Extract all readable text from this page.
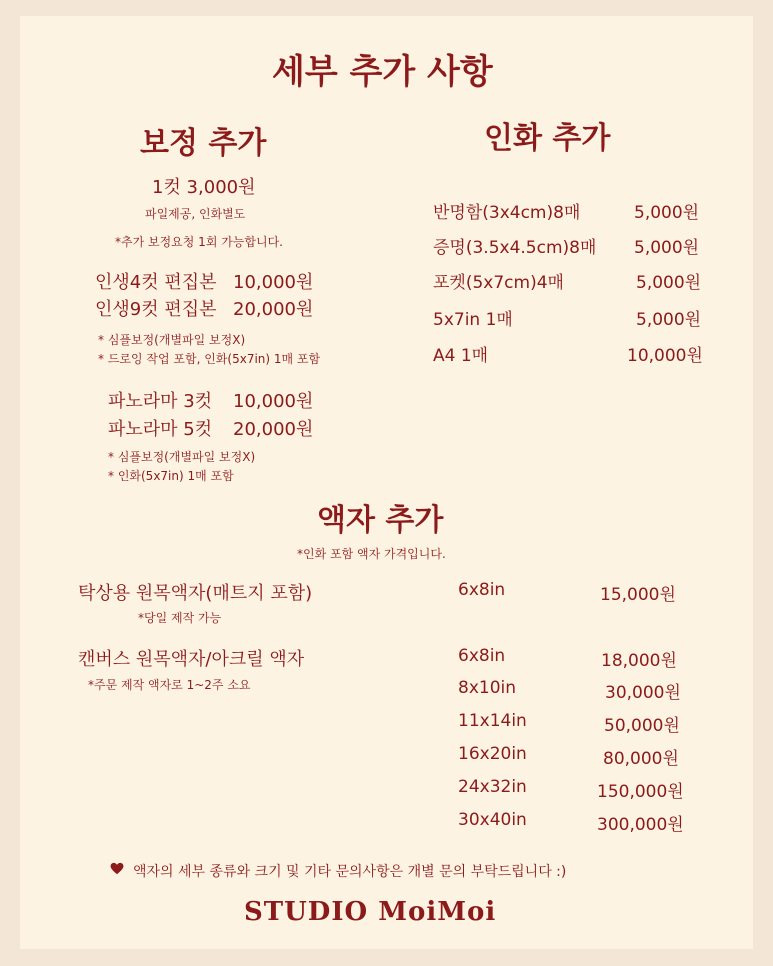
세부 추가 사항
보정 추가
1컷 3,000원
파일제공, 인화별도
*추가 보정요청 1회 가능합니다.
인생4컷 편집본 10,000원
인생9컷 편집본 20,000원
* 심플보정(개별파일 보정X)
* 드로잉 작업 포함, 인화(5x7in) 1매 포함
파노라마 3컷 10,000원
파노라마 5컷 20,000원
* 심플보정(개별파일 보정X)
* 인화(5x7in) 1매 포함
인화 추가
반명함(3x4cm)8매	5,000원
증명(3.5x4.5cm)8매 5,000원
포켓(5x7cm)4매	5,000원
5x7in 1매	5,000원
A4 1매	10,000원
액자 추가
*인화 포함 액자 가격입니다.
탁상용 원목액자(매트지 포함)
*당일 제작 가능
6x8in	15,000원
캔버스 원목액자/아크릴 액자
*주문 제작 액자로 1~2주 소요
6x8in	18,000원
8x10in	30,000원
11x14in	50,000원
16x20in	80,000원
24x32in	150,000원
30x40in	300,000원
액자의 세부 종류와 크기 및 기타 문의사항은 개별 문의 부탁드립니다 :)
STUDIO MoiMoi
